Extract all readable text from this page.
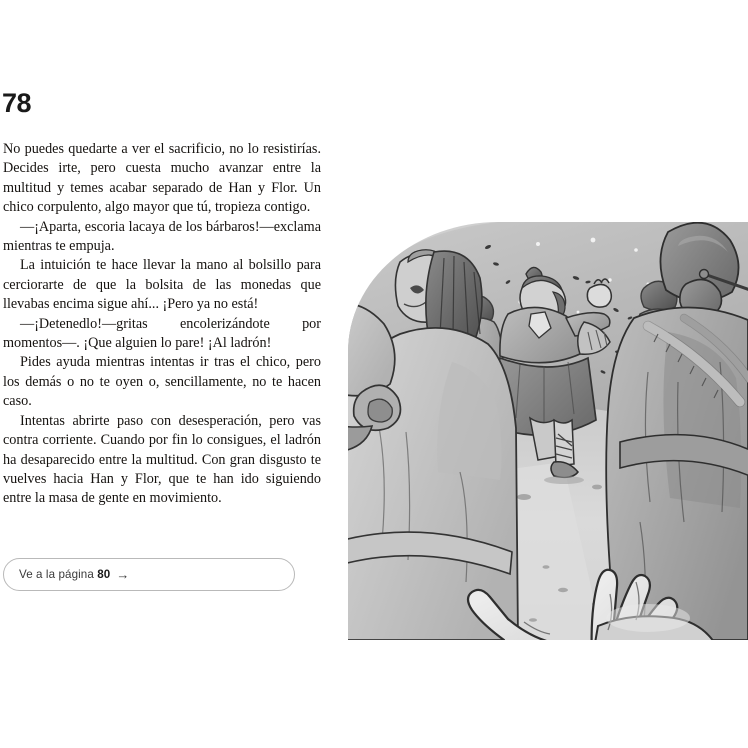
78

No puedes quedarte a ver el sacrificio, no lo resistirías. Decides irte, pero cuesta mucho avanzar entre la multitud y temes acabar separado de Han y Flor. Un chico corpulento, algo mayor que tú, tropieza contigo.

—¡Aparta, escoria lacaya de los bárbaros!—exclama mientras te empuja.

La intuición te hace llevar la mano al bolsillo para cerciorarte de que la bolsita de las monedas que llevabas encima sigue ahí... ¡Pero ya no está!

—¡Detenedlo!—gritas encolerizándote por momentos—. ¡Que alguien lo pare! ¡Al ladrón!

Pides ayuda mientras intentas ir tras el chico, pero los demás o no te oyen o, sencillamente, no te hacen caso.

Intentas abrirte paso con desesperación, pero vas contra corriente. Cuando por fin lo consigues, el ladrón ha desaparecido entre la multitud. Con gran disgusto te vuelves hacia Han y Flor, que te han ido siguiendo entre la masa de gente en movimiento.

Ve a la página 80 →
